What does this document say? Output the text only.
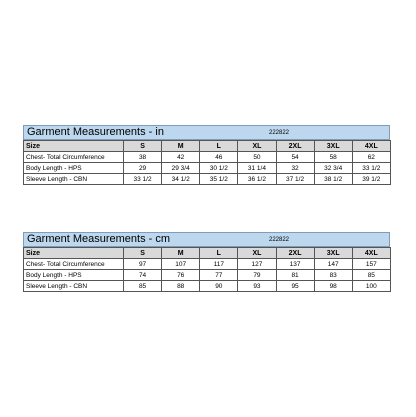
Garment Measurements - in	222822
Size	S	M	L	XL	2XL	3XL	4XL
Chest- Total Circumference	38	42	46	50	54	58	62
Body Length - HPS	29	29 3/4	30 1/2	31 1/4	32	32 3/4	33 1/2
Sleeve Length - CBN	33 1/2	34 1/2	35 1/2	36 1/2	37 1/2	38 1/2	39 1/2
Garment Measurements - cm	222822
Size	S	M	L	XL	2XL	3XL	4XL
Chest- Total Circumference	97	107	117	127	137	147	157
Body Length - HPS	74	76	77	79	81	83	85
Sleeve Length - CBN	85	88	90	93	95	98	100
